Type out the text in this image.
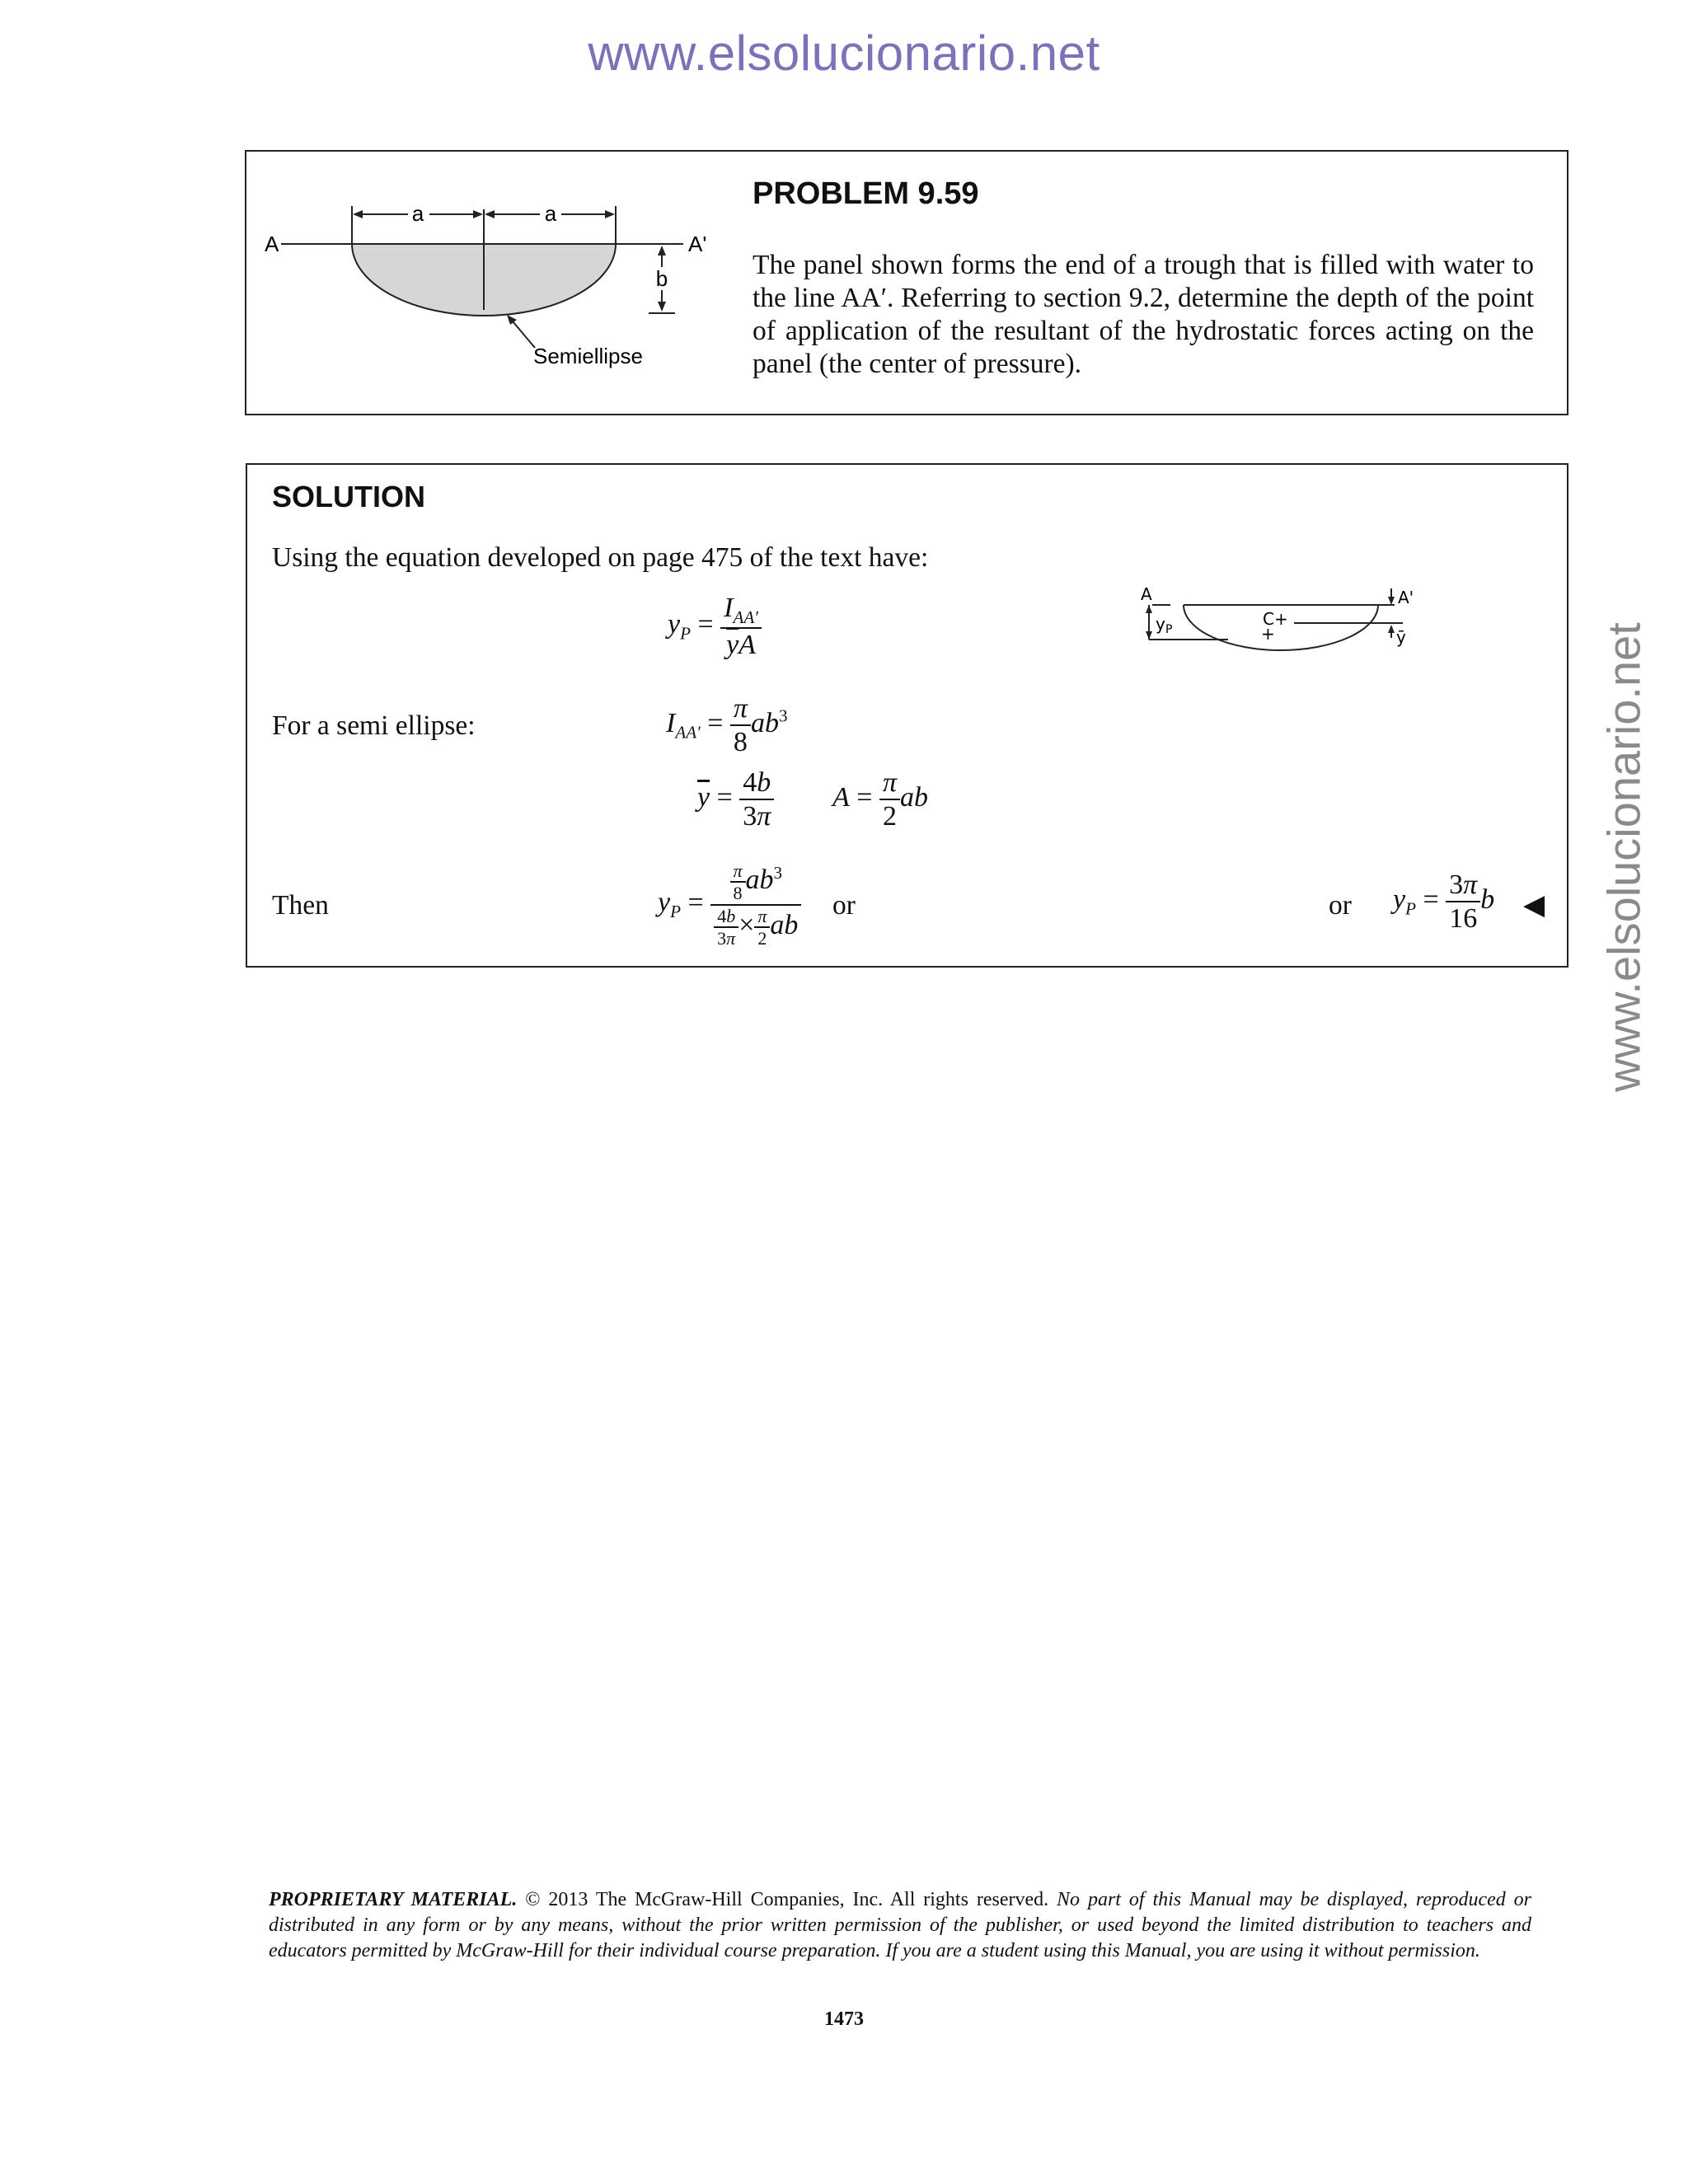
www.elsolucionario.net
www.elsolucionario.net
a	a
A	A'
b
Semiellipse
PROBLEM 9.59
The panel shown forms the end of a trough that is filled with water to the line AA′. Referring to section 9.2, determine the depth of the point of application of the resultant of the hydrostatic forces acting on the panel (the center of pressure).
SOLUTION
Using the equation developed on page 475 of the text have:
$y_P = \frac{I_{AA'}}{\overline{y}A}$	A	A'
y P
C+
+	ȳ
For a semi ellipse:	$I_{AA'} = \frac{\pi}{8} ab^3$
$\overline{y} = \frac{4b}{3\pi}$ $A = \frac{\pi}{2}$ ab
Then	$y_P = \frac{\frac{\pi}{8} ab^3}{\frac{4b}{3\pi} \times \frac{\pi}{2} ab}$ or	or $y_P = \frac{3\pi}{16}$ b ◀
PROPRIETARY MATERIAL. © 2013 The McGraw-Hill Companies, Inc. All rights reserved. No part of this Manual may be displayed, reproduced or distributed in any form or by any means, without the prior written permission of the publisher, or used beyond the limited distribution to teachers and educators permitted by McGraw-Hill for their individual course preparation. If you are a student using this Manual, you are using it without permission.
1473
